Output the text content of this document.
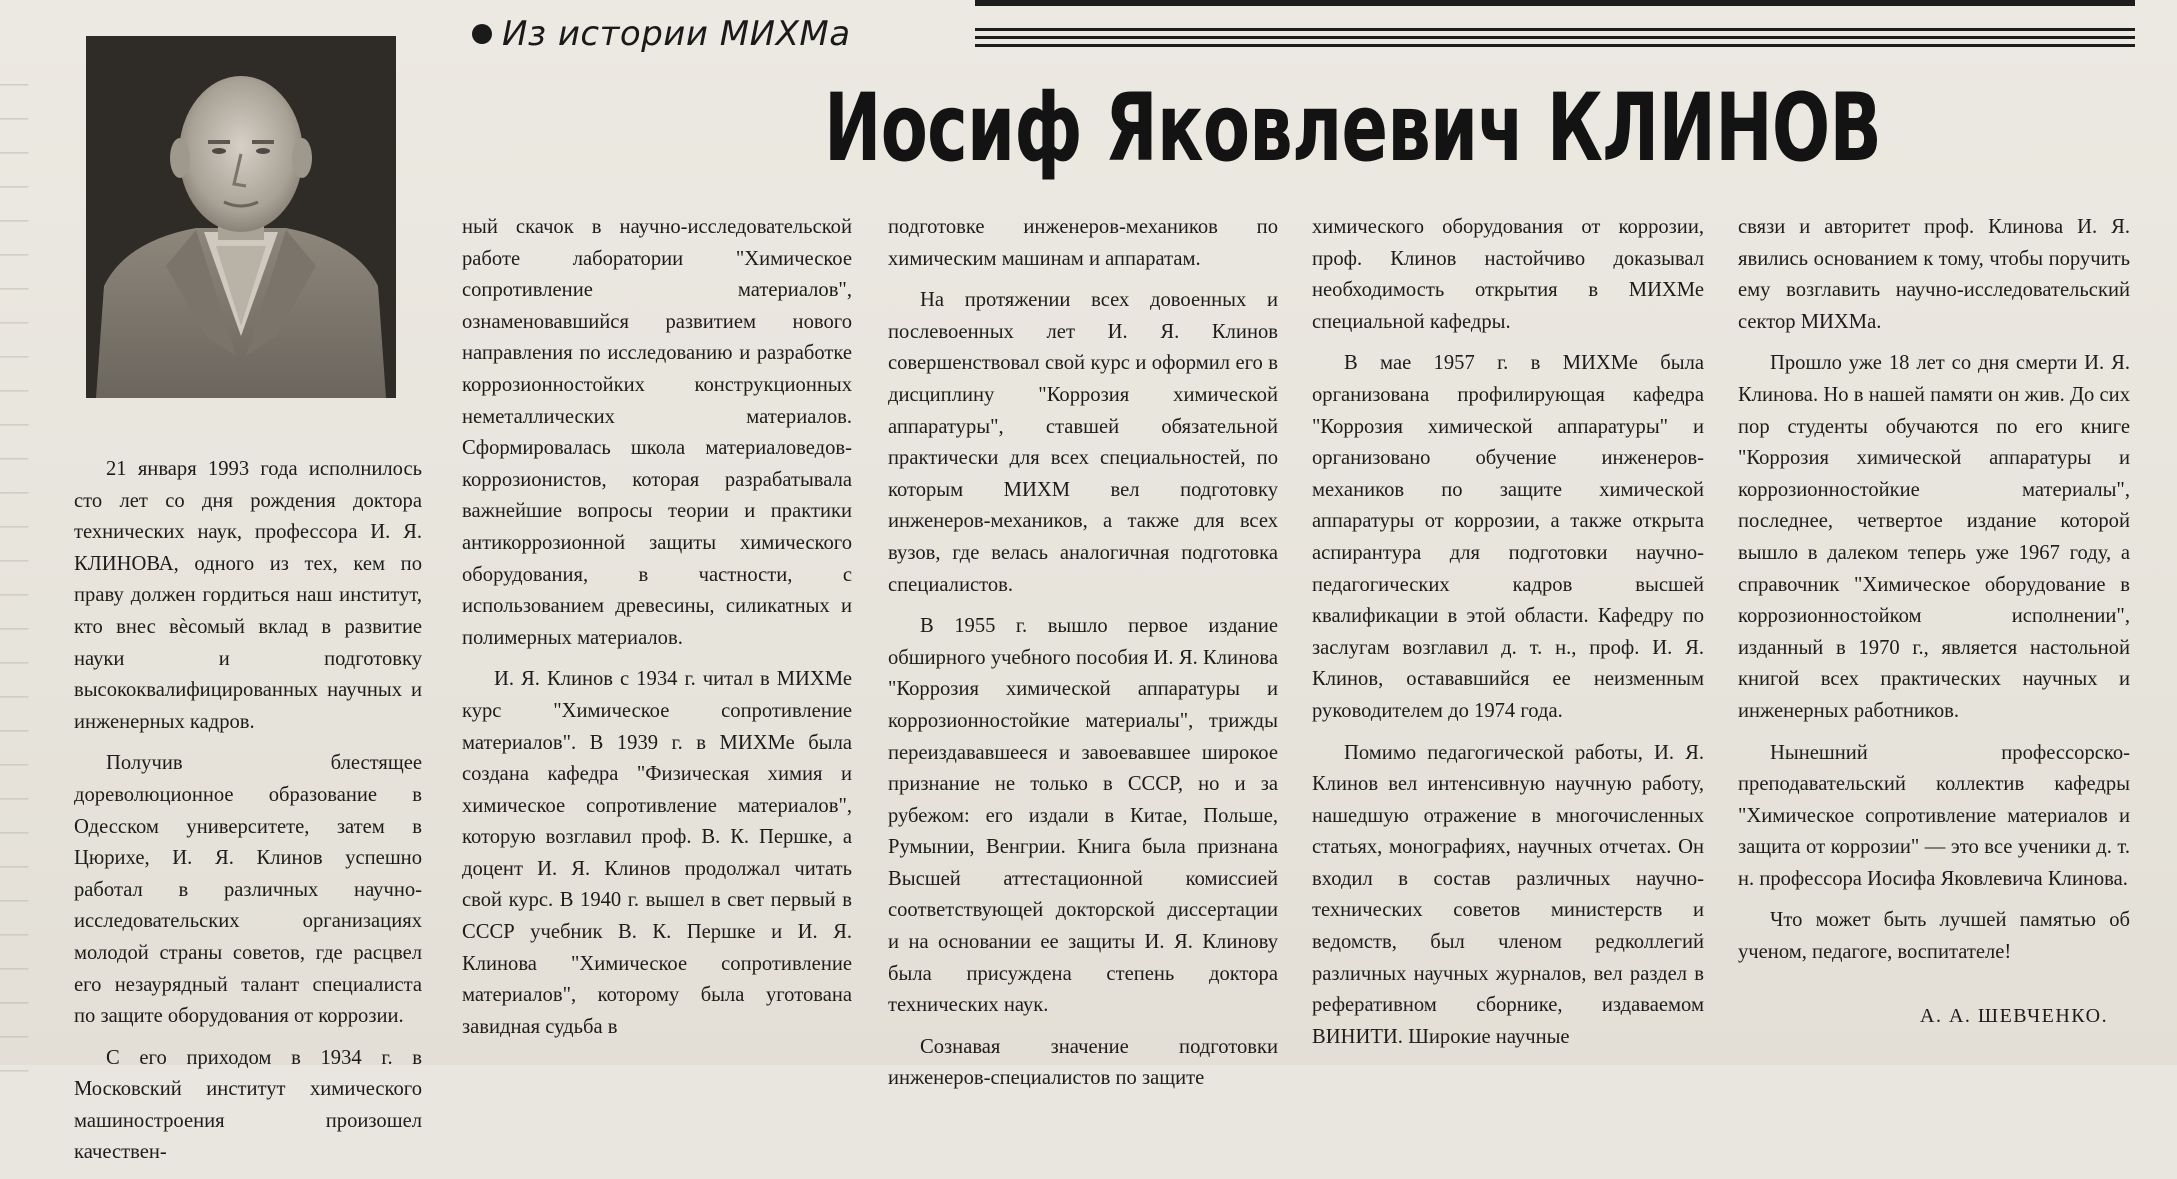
──
──
──
──
──
──
──
──
──
──
──
──
──
──
──
──
──
──
──
──
──
──
──
──
──
──
──
──
──
──

Из истории МИХМа
Иосиф Яковлевич КЛИНОВ

21 января 1993 года исполнилось сто лет со дня рождения доктора технических наук, профессора И. Я. КЛИНОВА, одного из тех, кем по праву должен гордиться наш институт, кто внес вѐсомый вклад в развитие науки и подготовку высококвалифицированных научных и инженерных кадров.

Получив блестящее дореволюционное образование в Одесском университете, затем в Цюрихе, И. Я. Клинов успешно работал в различных научно-исследовательских организациях молодой страны советов, где расцвел его незаурядный талант специалиста по защите оборудования от коррозии.

С его приходом в 1934 г. в Московский институт химического машиностроения произошел качествен-

ный скачок в научно-исследовательской работе лаборатории "Химическое сопротивление материалов", ознаменовавшийся развитием нового направления по исследованию и разработке коррозионностойких конструкционных неметаллических материалов. Сформировалась школа материаловедов-коррозионистов, которая разрабатывала важнейшие вопросы теории и практики антикоррозионной защиты химического оборудования, в частности, с использованием древесины, силикатных и полимерных материалов.

И. Я. Клинов с 1934 г. читал в МИХМе курс "Химическое сопротивление материалов". В 1939 г. в МИХМе была создана кафедра "Физическая химия и химическое сопротивление материалов", которую возглавил проф. В. К. Першке, а доцент И. Я. Клинов продолжал читать свой курс. В 1940 г. вышел в свет первый в СССР учебник В. К. Першке и И. Я. Клинова "Химическое сопротивление материалов", которому была уготована завидная судьба в

подготовке инженеров-механиков по химическим машинам и аппаратам.

На протяжении всех довоенных и послевоенных лет И. Я. Клинов совершенствовал свой курс и оформил его в дисциплину "Коррозия химической аппаратуры", ставшей обязательной практически для всех специальностей, по которым МИХМ вел подготовку инженеров-механиков, а также для всех вузов, где велась аналогичная подготовка специалистов.

В 1955 г. вышло первое издание обширного учебного пособия И. Я. Клинова "Коррозия химической аппаратуры и коррозионностойкие материалы", трижды переиздававшееся и завоевавшее широкое признание не только в СССР, но и за рубежом: его издали в Китае, Польше, Румынии, Венгрии. Книга была признана Высшей аттестационной комиссией соответствующей докторской диссертации и на основании ее защиты И. Я. Клинову была присуждена степень доктора технических наук.

Сознавая значение подготовки инженеров-специалистов по защите

химического оборудования от коррозии, проф. Клинов настойчиво доказывал необходимость открытия в МИХМе специальной кафедры.

В мае 1957 г. в МИХМе была организована профилирующая кафедра "Коррозия химической аппаратуры" и организовано обучение инженеров-механиков по защите химической аппаратуры от коррозии, а также открыта аспирантура для подготовки научно-педагогических кадров высшей квалификации в этой области. Кафедру по заслугам возглавил д. т. н., проф. И. Я. Клинов, остававшийся ее неизменным руководителем до 1974 года.

Помимо педагогической работы, И. Я. Клинов вел интенсивную научную работу, нашедшую отражение в многочисленных статьях, монографиях, научных отчетах. Он входил в состав различных научно-технических советов министерств и ведомств, был членом редколлегий различных научных журналов, вел раздел в реферативном сборнике, издаваемом ВИНИТИ. Широкие научные

связи и авторитет проф. Клинова И. Я. явились основанием к тому, чтобы поручить ему возглавить научно-исследовательский сектор МИХМа.

Прошло уже 18 лет со дня смерти И. Я. Клинова. Но в нашей памяти он жив. До сих пор студенты обучаются по его книге "Коррозия химической аппаратуры и коррозионностойкие материалы", последнее, четвертое издание которой вышло в далеком теперь уже 1967 году, а справочник "Химическое оборудование в коррозионностойком исполнении", изданный в 1970 г., является настольной книгой всех практических научных и инженерных работников.

Нынешний профессорско-преподавательский коллектив кафедры "Химическое сопротивление материалов и защита от коррозии" — это все ученики д. т. н. профессора Иосифа Яковлевича Клинова.

Что может быть лучшей памятью об ученом, педагоге, воспитателе!

А. А. ШЕВЧЕНКО.
